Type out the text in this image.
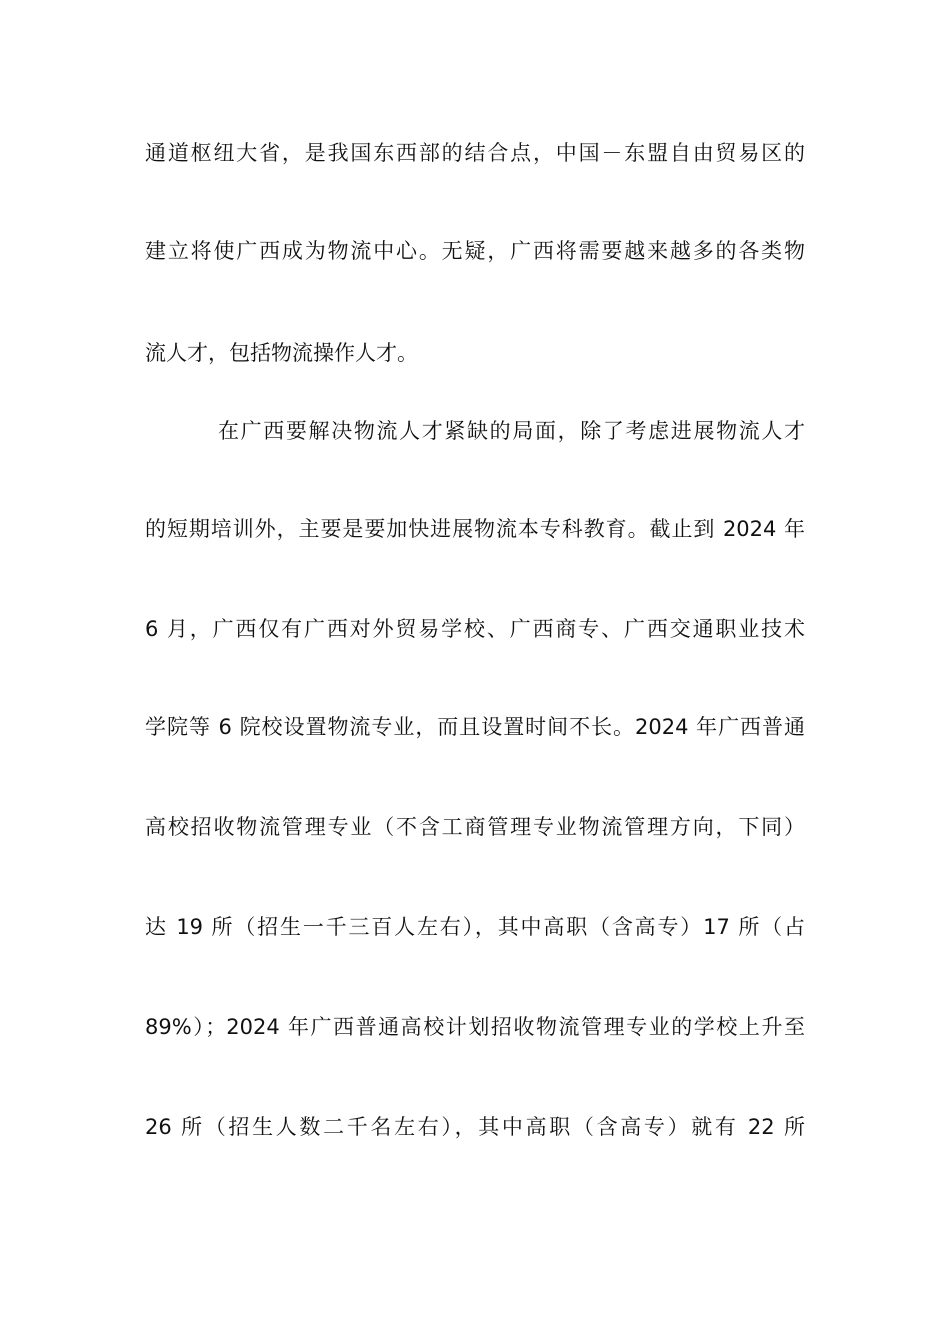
通道枢纽大省，是我国东西部的结合点，中国－东盟自由贸易区的
建立将使广西成为物流中心。无疑，广西将需要越来越多的各类物
流人才，包括物流操作人才。
在广西要解决物流人才紧缺的局面，除了考虑进展物流人才
的短期培训外，主要是要加快进展物流本专科教育。截止到 2024 年
6 月，广西仅有广西对外贸易学校、广西商专、广西交通职业技术
学院等 6 院校设置物流专业，而且设置时间不长。2024 年广西普通
高校招收物流管理专业（不含工商管理专业物流管理方向，下同）
达 19 所（招生一千三百人左右），其中高职（含高专）17 所（占
89%）；2024 年广西普通高校计划招收物流管理专业的学校上升至
26 所（招生人数二千名左右），其中高职（含高专）就有 22 所
